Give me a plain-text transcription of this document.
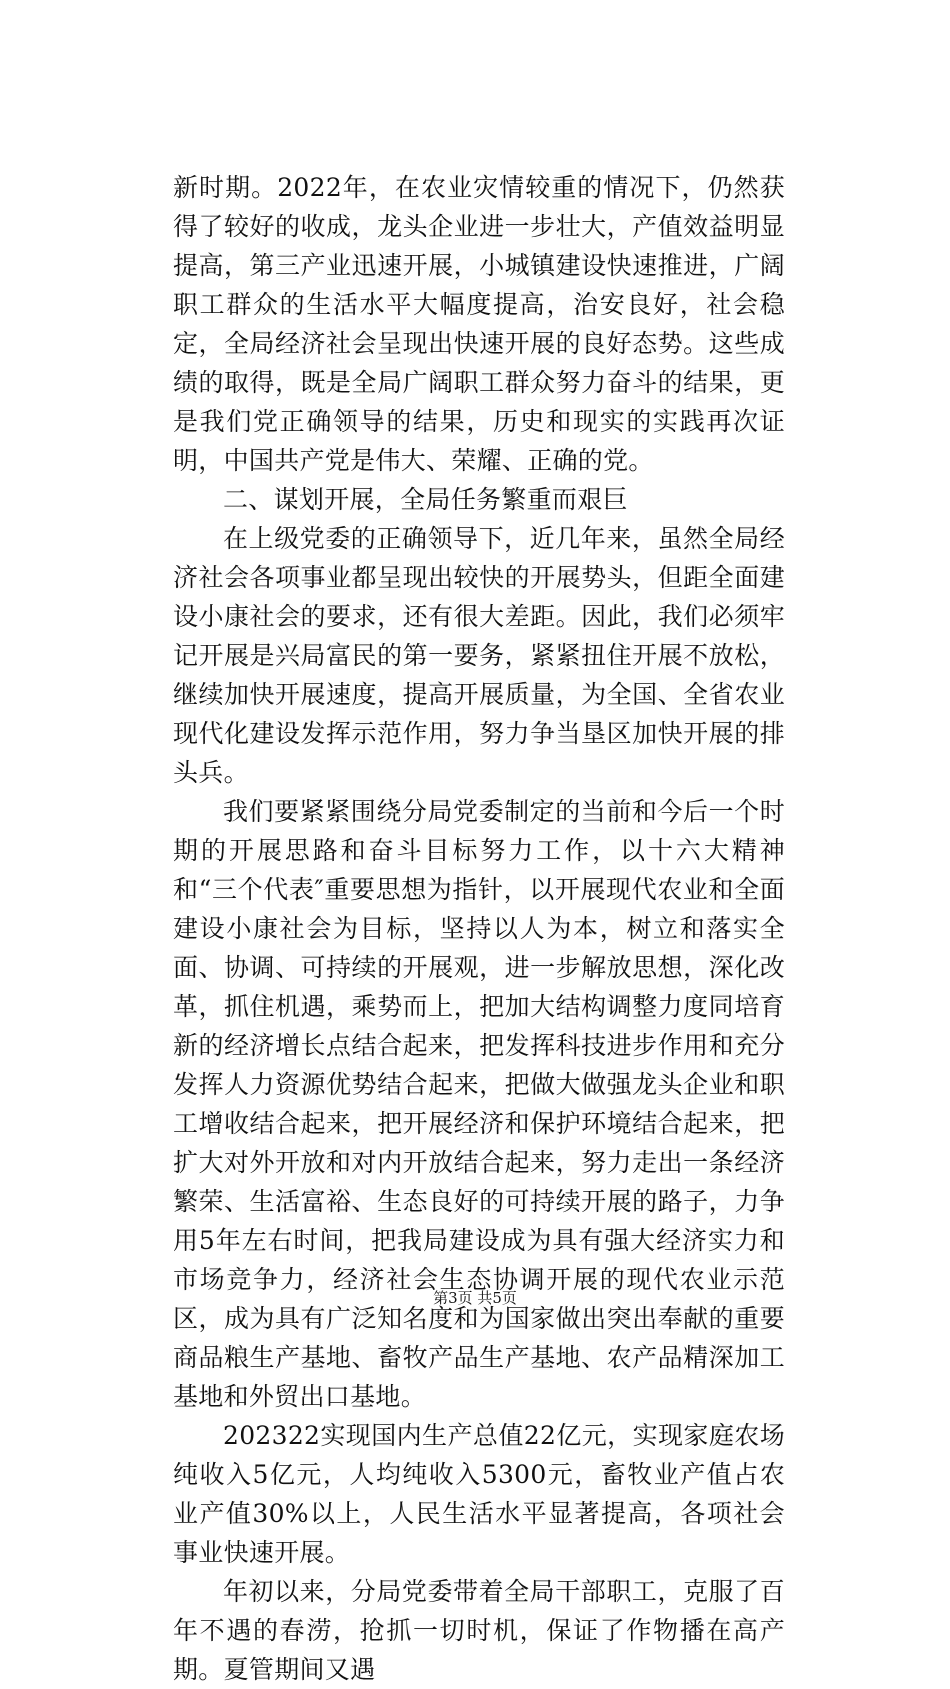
新时期。2022年，在农业灾情较重的情况下，仍然获得了较好的收成，龙头企业进一步壮大，产值效益明显提高，第三产业迅速开展，小城镇建设快速推进，广阔职工群众的生活水平大幅度提高，治安良好，社会稳定，全局经济社会呈现出快速开展的良好态势。这些成绩的取得，既是全局广阔职工群众努力奋斗的结果，更是我们党正确领导的结果，历史和现实的实践再次证明，中国共产党是伟大、荣耀、正确的党。

二、谋划开展，全局任务繁重而艰巨

在上级党委的正确领导下，近几年来，虽然全局经济社会各项事业都呈现出较快的开展势头，但距全面建设小康社会的要求，还有很大差距。因此，我们必须牢记开展是兴局富民的第一要务，紧紧扭住开展不放松，继续加快开展速度，提高开展质量，为全国、全省农业现代化建设发挥示范作用，努力争当垦区加快开展的排头兵。

我们要紧紧围绕分局党委制定的当前和今后一个时期的开展思路和奋斗目标努力工作，以十六大精神和“三个代表″重要思想为指针，以开展现代农业和全面建设小康社会为目标，坚持以人为本，树立和落实全面、协调、可持续的开展观，进一步解放思想，深化改革，抓住机遇，乘势而上，把加大结构调整力度同培育新的经济增长点结合起来，把发挥科技进步作用和充分发挥人力资源优势结合起来，把做大做强龙头企业和职工增收结合起来，把开展经济和保护环境结合起来，把扩大对外开放和对内开放结合起来，努力走出一条经济繁荣、生活富裕、生态良好的可持续开展的路子，力争用5年左右时间，把我局建设成为具有强大经济实力和市场竞争力，经济社会生态协调开展的现代农业示范区，成为具有广泛知名度和为国家做出突出奉献的重要商品粮生产基地、畜牧产品生产基地、农产品精深加工基地和外贸出口基地。

202322实现国内生产总值22亿元，实现家庭农场纯收入5亿元，人均纯收入5300元，畜牧业产值占农业产值30%以上，人民生活水平显著提高，各项社会事业快速开展。

年初以来，分局党委带着全局干部职工，克服了百年不遇的春涝，抢抓一切时机，保证了作物播在高产期。夏管期间又遇

第3页 共5页
